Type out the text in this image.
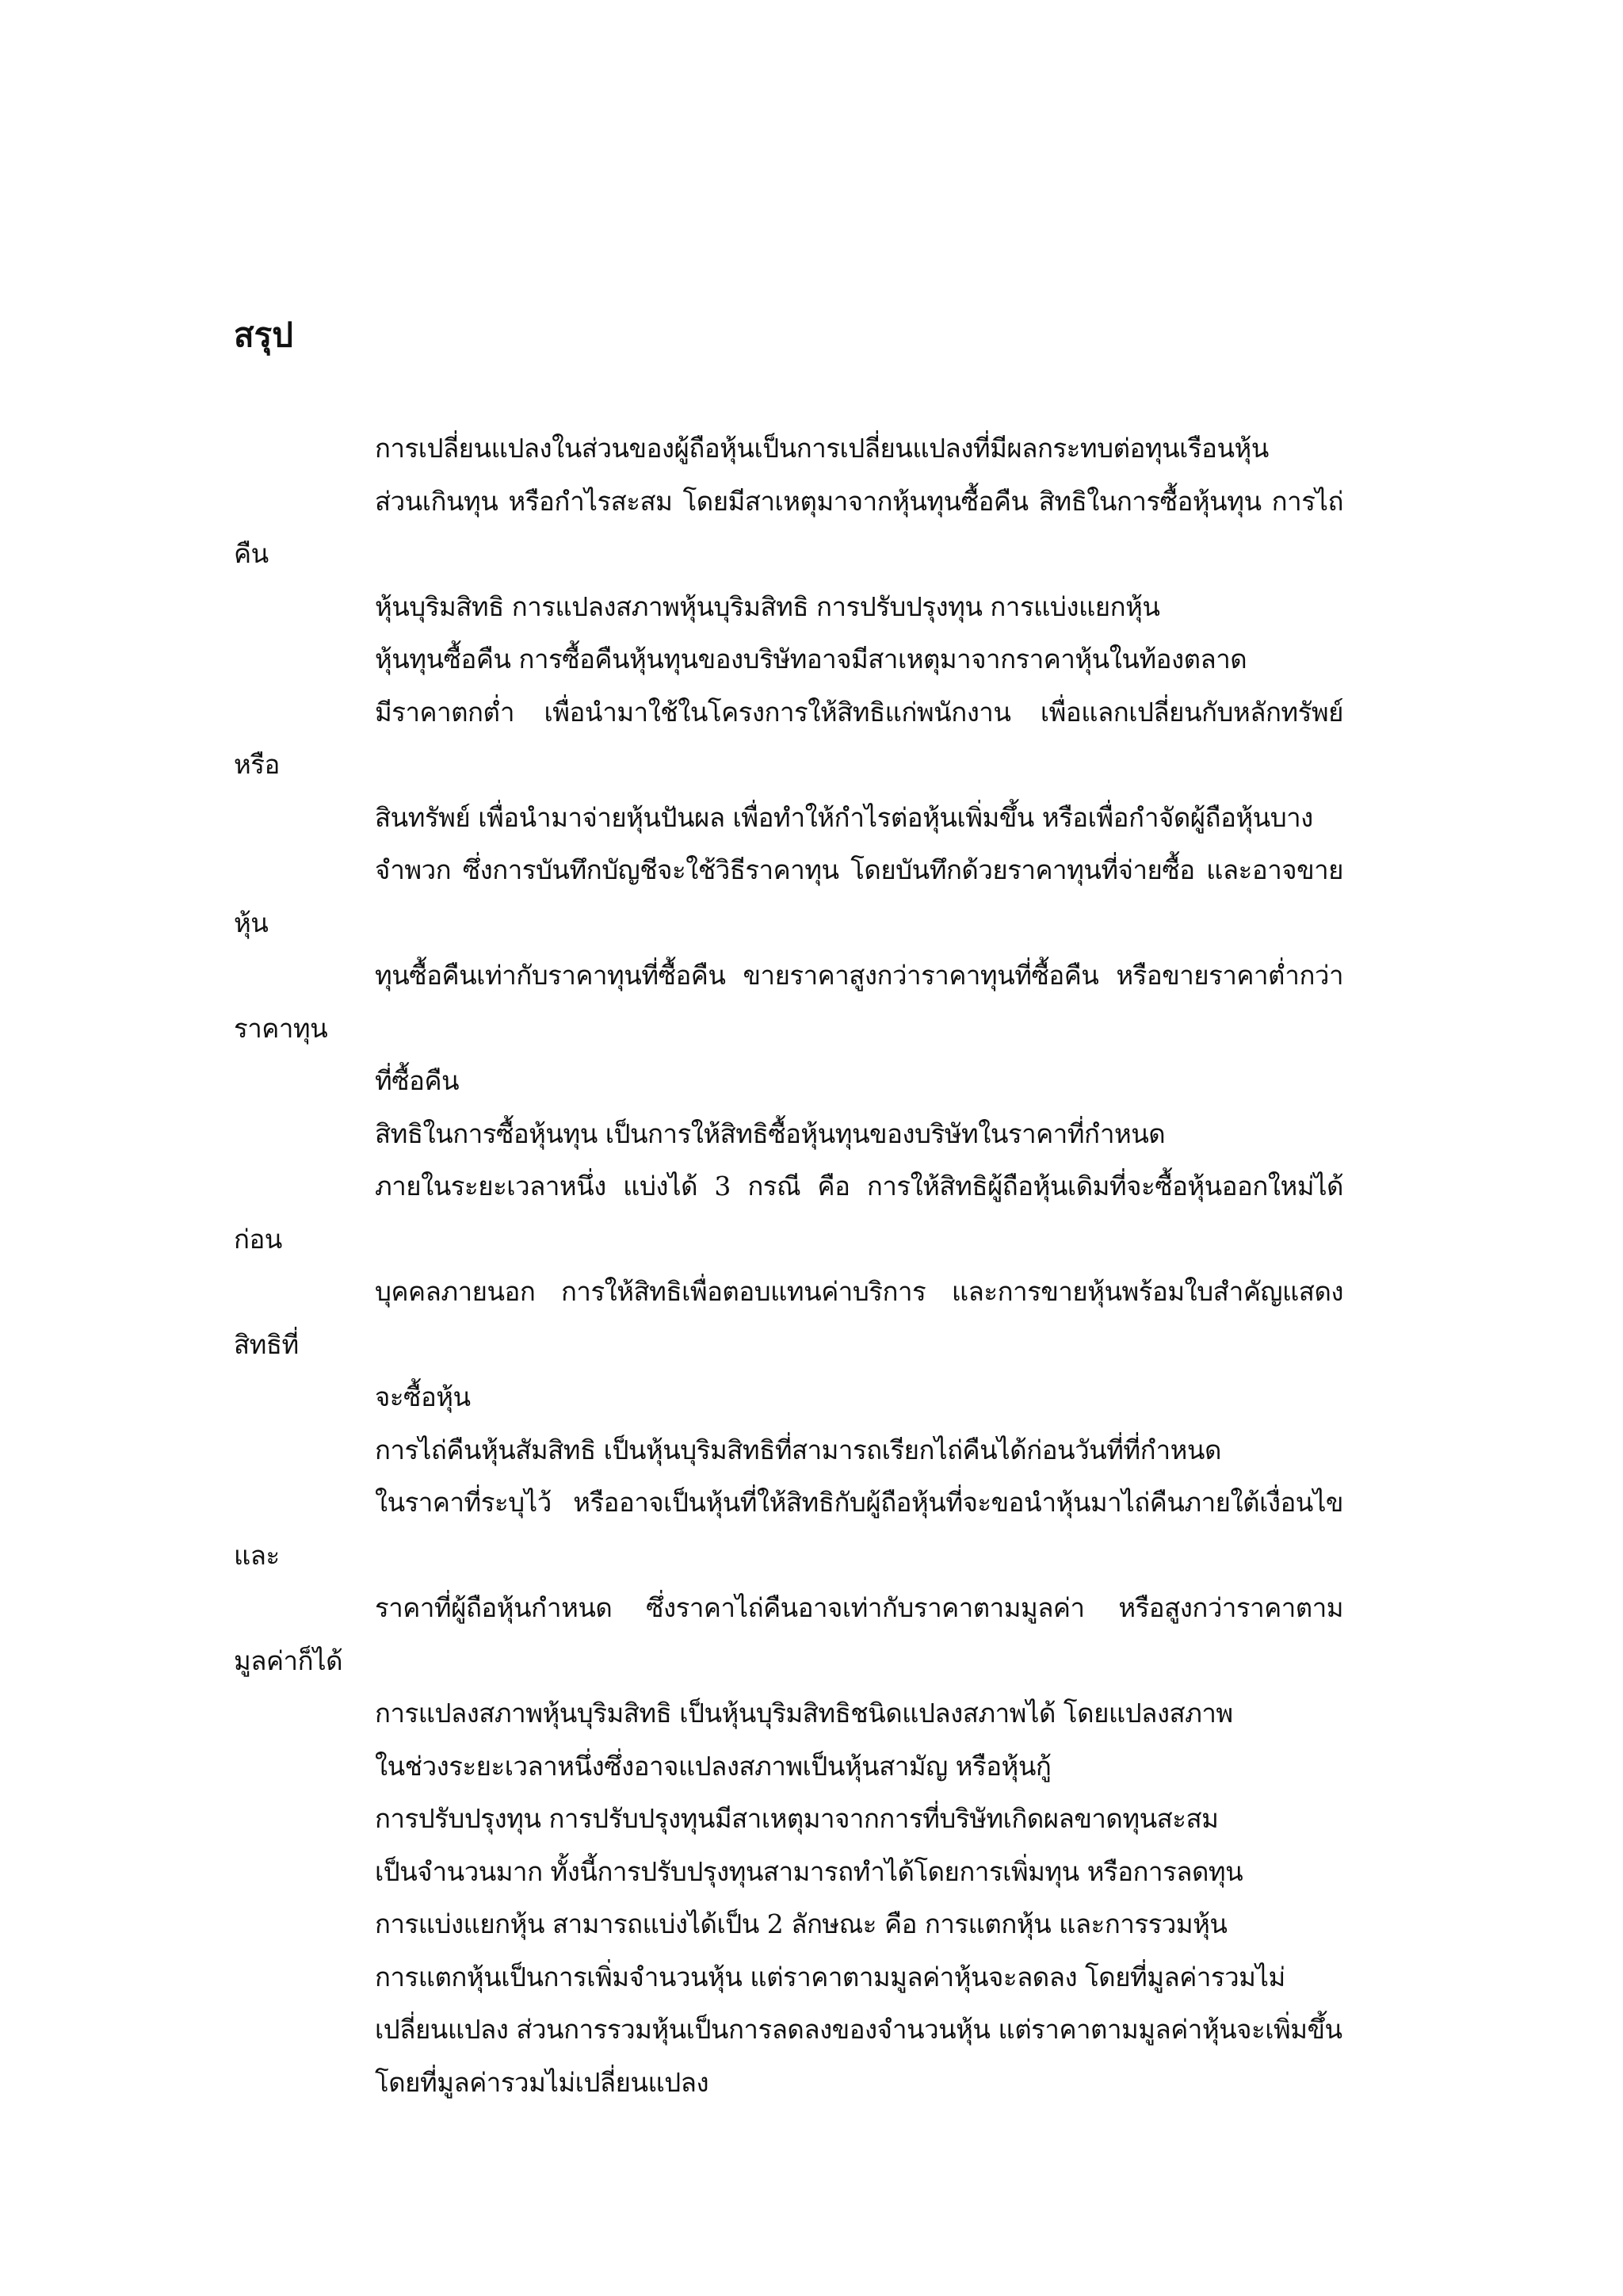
สรุป

การเปลี่ยนแปลงในส่วนของผู้ถือหุ้นเป็นการเปลี่ยนแปลงที่มีผลกระทบต่อทุนเรือนหุ้น
ส่วนเกินทุน หรือกำไรสะสม โดยมีสาเหตุมาจากหุ้นทุนซื้อคืน สิทธิในการซื้อหุ้นทุน การไถ่คืน
หุ้นบุริมสิทธิ การแปลงสภาพหุ้นบุริมสิทธิ การปรับปรุงทุน การแบ่งแยกหุ้น

หุ้นทุนซื้อคืน การซื้อคืนหุ้นทุนของบริษัทอาจมีสาเหตุมาจากราคาหุ้นในท้องตลาด
มีราคาตกต่ำ เพื่อนำมาใช้ในโครงการให้สิทธิแก่พนักงาน เพื่อแลกเปลี่ยนกับหลักทรัพย์หรือ
สินทรัพย์ เพื่อนำมาจ่ายหุ้นปันผล เพื่อทำให้กำไรต่อหุ้นเพิ่มขึ้น หรือเพื่อกำจัดผู้ถือหุ้นบาง
จำพวก ซึ่งการบันทึกบัญชีจะใช้วิธีราคาทุน โดยบันทึกด้วยราคาทุนที่จ่ายซื้อ และอาจขายหุ้น
ทุนซื้อคืนเท่ากับราคาทุนที่ซื้อคืน ขายราคาสูงกว่าราคาทุนที่ซื้อคืน หรือขายราคาต่ำกว่าราคาทุน
ที่ซื้อคืน

สิทธิในการซื้อหุ้นทุน เป็นการให้สิทธิซื้อหุ้นทุนของบริษัทในราคาที่กำหนด
ภายในระยะเวลาหนึ่ง แบ่งได้ 3 กรณี คือ การให้สิทธิผู้ถือหุ้นเดิมที่จะซื้อหุ้นออกใหม่ได้ก่อน
บุคคลภายนอก การให้สิทธิเพื่อตอบแทนค่าบริการ และการขายหุ้นพร้อมใบสำคัญแสดงสิทธิที่
จะซื้อหุ้น

การไถ่คืนหุ้นสัมสิทธิ เป็นหุ้นบุริมสิทธิที่สามารถเรียกไถ่คืนได้ก่อนวันที่ที่กำหนด
ในราคาที่ระบุไว้ หรืออาจเป็นหุ้นที่ให้สิทธิกับผู้ถือหุ้นที่จะขอนำหุ้นมาไถ่คืนภายใต้เงื่อนไขและ
ราคาที่ผู้ถือหุ้นกำหนด ซึ่งราคาไถ่คืนอาจเท่ากับราคาตามมูลค่า หรือสูงกว่าราคาตามมูลค่าก็ได้

การแปลงสภาพหุ้นบุริมสิทธิ เป็นหุ้นบุริมสิทธิชนิดแปลงสภาพได้ โดยแปลงสภาพ
ในช่วงระยะเวลาหนึ่งซึ่งอาจแปลงสภาพเป็นหุ้นสามัญ หรือหุ้นกู้

การปรับปรุงทุน การปรับปรุงทุนมีสาเหตุมาจากการที่บริษัทเกิดผลขาดทุนสะสม
เป็นจำนวนมาก ทั้งนี้การปรับปรุงทุนสามารถทำได้โดยการเพิ่มทุน หรือการลดทุน

การแบ่งแยกหุ้น สามารถแบ่งได้เป็น 2 ลักษณะ คือ การแตกหุ้น และการรวมหุ้น
การแตกหุ้นเป็นการเพิ่มจำนวนหุ้น แต่ราคาตามมูลค่าหุ้นจะลดลง โดยที่มูลค่ารวมไม่
เปลี่ยนแปลง ส่วนการรวมหุ้นเป็นการลดลงของจำนวนหุ้น แต่ราคาตามมูลค่าหุ้นจะเพิ่มขึ้น
โดยที่มูลค่ารวมไม่เปลี่ยนแปลง
